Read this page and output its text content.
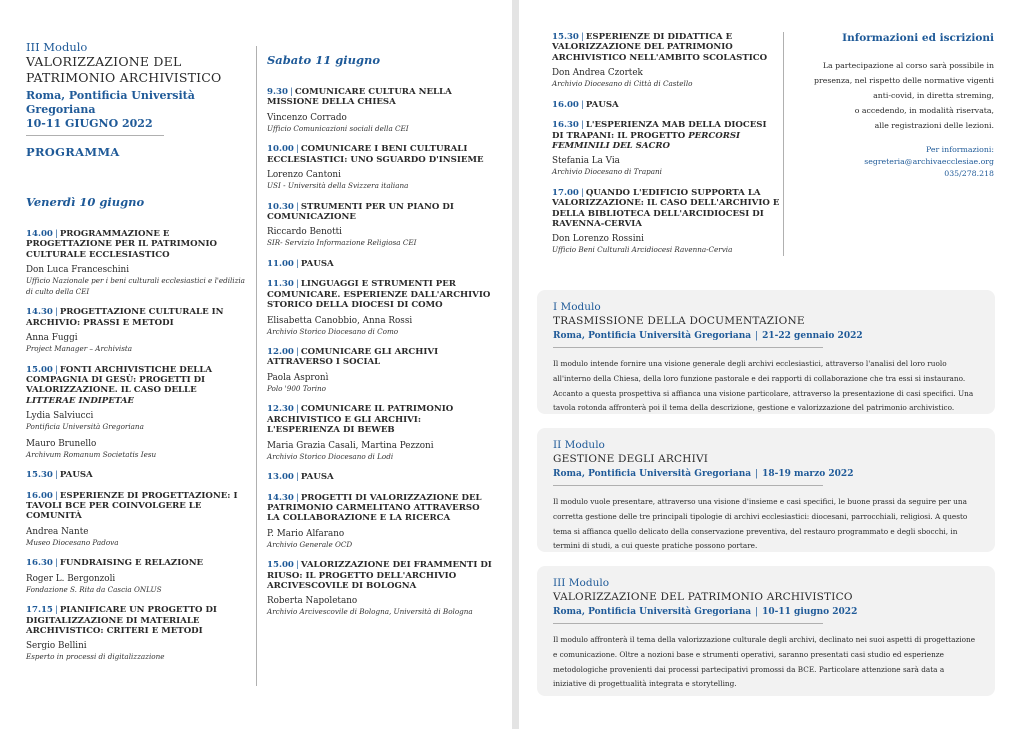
III Modulo
VALORIZZAZIONE DEL
PATRIMONIO ARCHIVISTICO
Roma, Pontificia Università Gregoriana
10-11 GIUGNO 2022
PROGRAMMA
Venerdì 10 giugno
14.00 | PROGRAMMAZIONE E PROGETTAZIONE PER IL PATRIMONIO CULTURALE ECCLESIASTICO
Don Luca Franceschini
Ufficio Nazionale per i beni culturali ecclesiastici e l'edilizia di culto della CEI
14.30 | PROGETTAZIONE CULTURALE IN ARCHIVIO: PRASSI E METODI
Anna Fuggi
Project Manager – Archivista
15.00 | FONTI ARCHIVISTICHE DELLA COMPAGNIA DI GESÙ: PROGETTI DI VALORIZZAZIONE. IL CASO DELLE LITTERAE INDIPETAE
Lydia Salviucci
Pontificia Università Gregoriana
Mauro Brunello
Archivum Romanum Societatis Iesu
15.30 | PAUSA
16.00 | ESPERIENZE DI PROGETTAZIONE: I TAVOLI BCE PER COINVOLGERE LE COMUNITÀ
Andrea Nante
Museo Diocesano Padova
16.30 | FUNDRAISING E RELAZIONE
Roger L. Bergonzoli
Fondazione S. Rita da Cascia ONLUS
17.15 | PIANIFICARE UN PROGETTO DI DIGITALIZZAZIONE DI MATERIALE ARCHIVISTICO: CRITERI E METODI
Sergio Bellini
Esperto in processi di digitalizzazione
Sabato 11 giugno
9.30 | COMUNICARE CULTURA NELLA MISSIONE DELLA CHIESA
Vincenzo Corrado
Ufficio Comunicazioni sociali della CEI
10.00 | COMUNICARE I BENI CULTURALI ECCLESIASTICI: UNO SGUARDO D'INSIEME
Lorenzo Cantoni
USI - Università della Svizzera italiana
10.30 | STRUMENTI PER UN PIANO DI COMUNICAZIONE
Riccardo Benotti
SIR- Servizio Informazione Religiosa CEI
11.00 | PAUSA
11.30 | LINGUAGGI E STRUMENTI PER COMUNICARE. ESPERIENZE DALL'ARCHIVIO STORICO DELLA DIOCESI DI COMO
Elisabetta Canobbio, Anna Rossi
Archivio Storico Diocesano di Como
12.00 | COMUNICARE GLI ARCHIVI ATTRAVERSO I SOCIAL
Paola Aspronì
Polo '900 Torino
12.30 | COMUNICARE IL PATRIMONIO ARCHIVISTICO E GLI ARCHIVI: L'ESPERIENZA DI BEWEB
Maria Grazia Casali, Martina Pezzoni
Archivio Storico Diocesano di Lodi
13.00 | PAUSA
14.30 | PROGETTI DI VALORIZZAZIONE DEL PATRIMONIO CARMELITANO ATTRAVERSO LA COLLABORAZIONE E LA RICERCA
P. Mario Alfarano
Archivio Generale OCD
15.00 | VALORIZZAZIONE DEI FRAMMENTI DI RIUSO: IL PROGETTO DELL'ARCHIVIO ARCIVESCOVILE DI BOLOGNA
Roberta Napoletano
Archivio Arcivescovile di Bologna, Università di Bologna
15.30 | ESPERIENZE DI DIDATTICA E VALORIZZAZIONE DEL PATRIMONIO ARCHIVISTICO NELL'AMBITO SCOLASTICO
Don Andrea Czortek
Archivio Diocesano di Città di Castello
16.00 | PAUSA
16.30 | L'ESPERIENZA MAB DELLA DIOCESI DI TRAPANI: IL PROGETTO PERCORSI FEMMINILI DEL SACRO
Stefania La Via
Archivio Diocesano di Trapani
17.00 | QUANDO L'EDIFICIO SUPPORTA LA VALORIZZAZIONE: IL CASO DELL'ARCHIVIO E DELLA BIBLIOTECA DELL'ARCIDIOCESI DI RAVENNA-CERVIA
Don Lorenzo Rossini
Ufficio Beni Culturali Arcidiocesi Ravenna-Cervia
Informazioni ed iscrizioni
La partecipazione al corso sarà possibile in
presenza, nel rispetto delle normative vigenti
anti-covid, in diretta streming,
o accedendo, in modalità riservata,
alle registrazioni delle lezioni.
Per informazioni:
segreteria@archivaecclesiae.org
035/278.218
I Modulo
TRASMISSIONE DELLA DOCUMENTAZIONE
Roma, Pontificia Università Gregoriana | 21-22 gennaio 2022
Il modulo intende fornire una visione generale degli archivi ecclesiastici, attraverso l'analisi del loro ruolo all'interno della Chiesa, della loro funzione pastorale e dei rapporti di collaborazione che tra essi si instaurano. Accanto a questa prospettiva si affianca una visione particolare, attraverso la presentazione di casi specifici. Una tavola rotonda affronterà poi il tema della descrizione, gestione e valorizzazione del patrimonio archivistico.
II Modulo
GESTIONE DEGLI ARCHIVI
Roma, Pontificia Università Gregoriana | 18-19 marzo 2022
Il modulo vuole presentare, attraverso una visione d'insieme e casi specifici, le buone prassi da seguire per una corretta gestione delle tre principali tipologie di archivi ecclesiastici: diocesani, parrocchiali, religiosi. A questo tema si affianca quello delicato della conservazione preventiva, del restauro programmato e degli sbocchi, in termini di studi, a cui queste pratiche possono portare.
III Modulo
VALORIZZAZIONE DEL PATRIMONIO ARCHIVISTICO
Roma, Pontificia Università Gregoriana | 10-11 giugno 2022
Il modulo affronterà il tema della valorizzazione culturale degli archivi, declinato nei suoi aspetti di progettazione e comunicazione. Oltre a nozioni base e strumenti operativi, saranno presentati casi studio ed esperienze metodologiche provenienti dai processi partecipativi promossi da BCE. Particolare attenzione sarà data a iniziative di progettualità integrata e storytelling.
